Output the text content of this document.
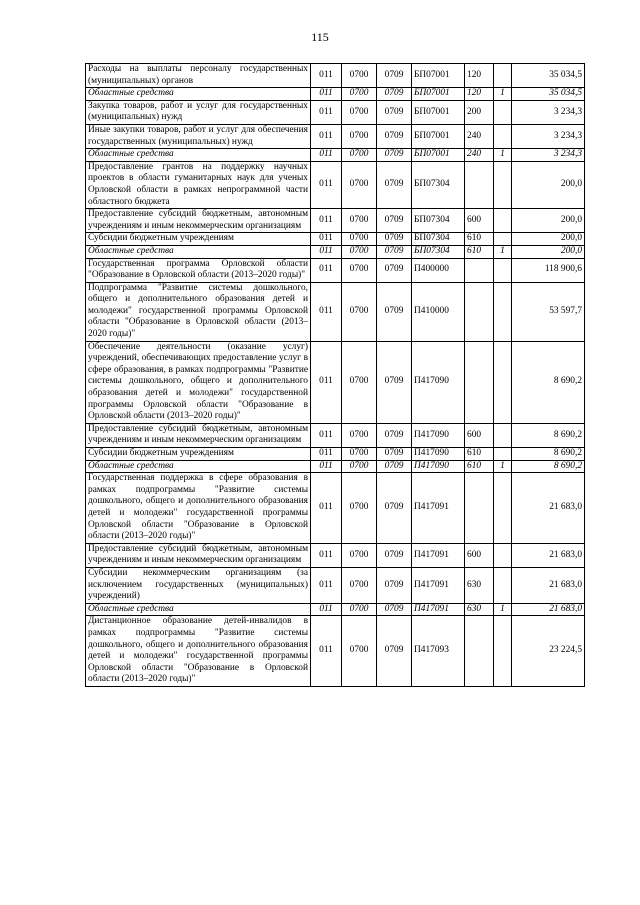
115
Расходы на выплаты персоналу государственных (муниципальных) органов	011	0700	0709	БП07001	120		35 034,5
Областные средства	011	0700	0709	БП07001	120	1	35 034,5
Закупка товаров, работ и услуг для государственных (муниципальных) нужд	011	0700	0709	БП07001	200		3 234,3
Иные закупки товаров, работ и услуг для обеспечения государственных (муниципальных) нужд	011	0700	0709	БП07001	240		3 234,3
Областные средства	011	0700	0709	БП07001	240	1	3 234,3
Предоставление грантов на поддержку научных проектов в области гуманитарных наук для ученых Орловской области в рамках непрограммной части областного бюджета	011	0700	0709	БП07304			200,0
Предоставление субсидий бюджетным, автономным учреждениям и иным некоммерческим организациям	011	0700	0709	БП07304	600		200,0
Субсидии бюджетным учреждениям	011	0700	0709	БП07304	610		200,0
Областные средства	011	0700	0709	БП07304	610	1	200,0
Государственная программа Орловской области "Образование в Орловской области (2013–2020 годы)"	011	0700	0709	П400000			118 900,6
Подпрограмма "Развитие системы дошкольного, общего и дополнительного образования детей и молодежи" государственной программы Орловской области "Образование в Орловской области (2013–2020 годы)"	011	0700	0709	П410000			53 597,7
Обеспечение деятельности (оказание услуг) учреждений, обеспечивающих предоставление услуг в сфере образования, в рамках подпрограммы "Развитие системы дошкольного, общего и дополнительного образования детей и молодежи" государственной программы Орловской области "Образование в Орловской области (2013–2020 годы)"	011	0700	0709	П417090			8 690,2
Предоставление субсидий бюджетным, автономным учреждениям и иным некоммерческим организациям	011	0700	0709	П417090	600		8 690,2
Субсидии бюджетным учреждениям	011	0700	0709	П417090	610		8 690,2
Областные средства	011	0700	0709	П417090	610	1	8 690,2
Государственная поддержка в сфере образования в рамках подпрограммы "Развитие системы дошкольного, общего и дополнительного образования детей и молодежи" государственной программы Орловской области "Образование в Орловской области (2013–2020 годы)"	011	0700	0709	П417091			21 683,0
Предоставление субсидий бюджетным, автономным учреждениям и иным некоммерческим организациям	011	0700	0709	П417091	600		21 683,0
Субсидии некоммерческим организациям (за исключением государственных (муниципальных) учреждений)	011	0700	0709	П417091	630		21 683,0
Областные средства	011	0700	0709	П417091	630	1	21 683,0
Дистанционное образование детей-инвалидов в рамках подпрограммы "Развитие системы дошкольного, общего и дополнительного образования детей и молодежи" государственной программы Орловской области "Образование в Орловской области (2013–2020 годы)"	011	0700	0709	П417093			23 224,5
